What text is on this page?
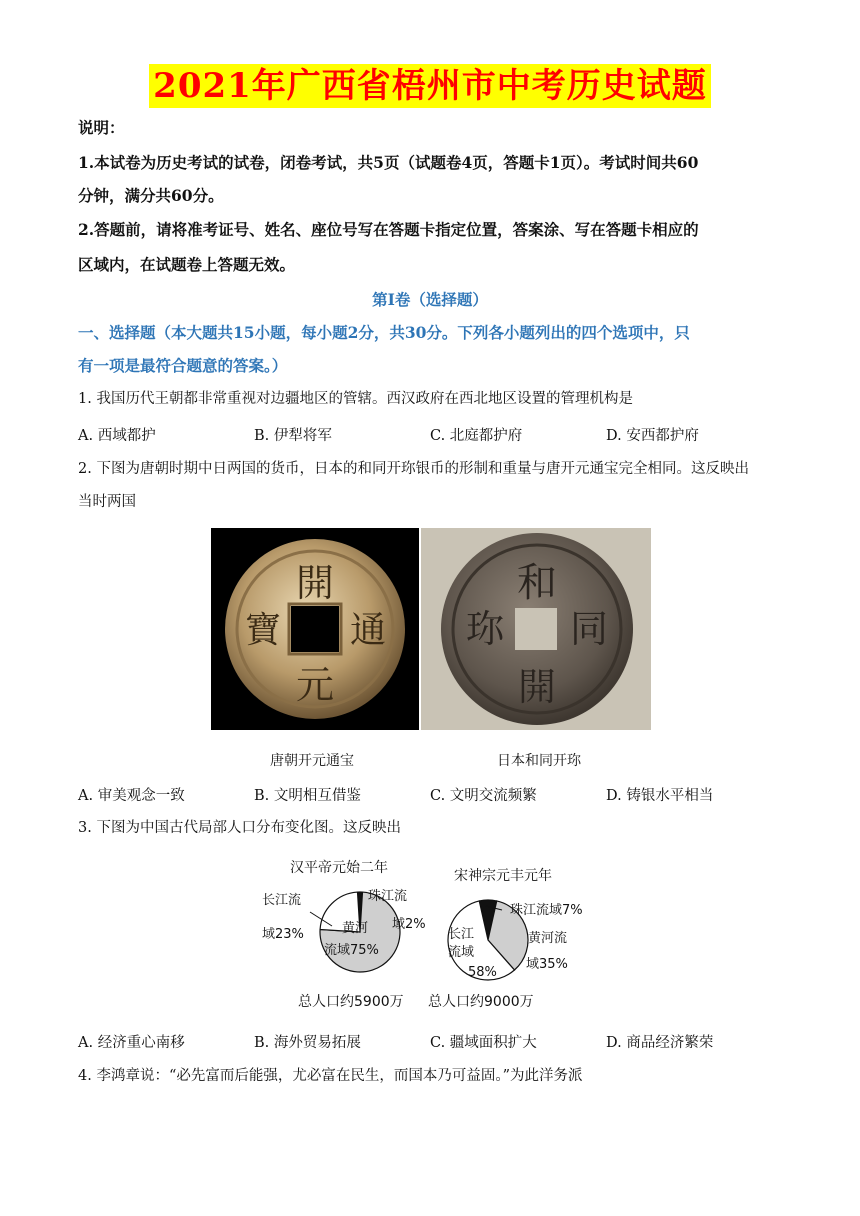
2021年广西省梧州市中考历史试题
说明：
1.本试卷为历史考试的试卷，闭卷考试，共5页（试题卷4页，答题卡1页）。考试时间共60
分钟，满分共60分。
2.答题前，请将准考证号、姓名、座位号写在答题卡指定位置，答案涂、写在答题卡相应的
区域内，在试题卷上答题无效。
第I卷（选择题）
一、选择题（本大题共15小题，每小题2分，共30分。下列各小题列出的四个选项中，只
有一项是最符合题意的答案。）
1. 我国历代王朝都非常重视对边疆地区的管辖。西汉政府在西北地区设置的管理机构是
A. 西域都护	B. 伊犁将军	C. 北庭都护府	D. 安西都护府
2. 下图为唐朝时期中日两国的货币，日本的和同开珎银币的形制和重量与唐开元通宝完全相同。这反映出
当时两国
開
元
通
寶
和
開
同
珎
唐朝开元通宝	日本和同开珎
A. 审美观念一致	B. 文明相互借鉴	C. 文明交流频繁	D. 铸银水平相当
3. 下图为中国古代局部人口分布变化图。这反映出
汉平帝元始二年
长江流
域23%
珠江流
域2%
黄河
流域75%
总人口约5900万
宋神宗元丰元年
长江
流域
58%
珠江流域7%
黄河流
域35%
总人口约9000万
A. 经济重心南移	B. 海外贸易拓展	C. 疆域面积扩大	D. 商品经济繁荣
4. 李鸿章说：“必先富而后能强，尤必富在民生，而国本乃可益固。”为此洋务派
